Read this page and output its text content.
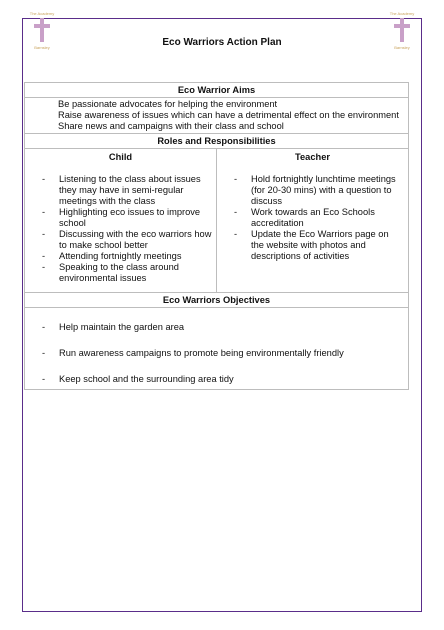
The Academy
Barnsley
The Academy
Barnsley
Eco Warriors Action Plan
Eco Warrior Aims

Be passionate advocates for helping the environment
Raise awareness of issues which can have a detrimental effect on the environment
Share news and campaigns with their class and school

Roles and Responsibilities

Child
- Listening to the class about issues they may have in semi-regular meetings with the class
- Highlighting eco issues to improve school
- Discussing with the eco warriors how to make school better
- Attending fortnightly meetings
- Speaking to the class around environmental issues

Teacher
- Hold fortnightly lunchtime meetings (for 20-30 mins) with a question to discuss
- Work towards an Eco Schools accreditation
- Update the Eco Warriors page on the website with photos and descriptions of activities

Eco Warriors Objectives

- Help maintain the garden area
- Run awareness campaigns to promote being environmentally friendly
- Keep school and the surrounding area tidy
